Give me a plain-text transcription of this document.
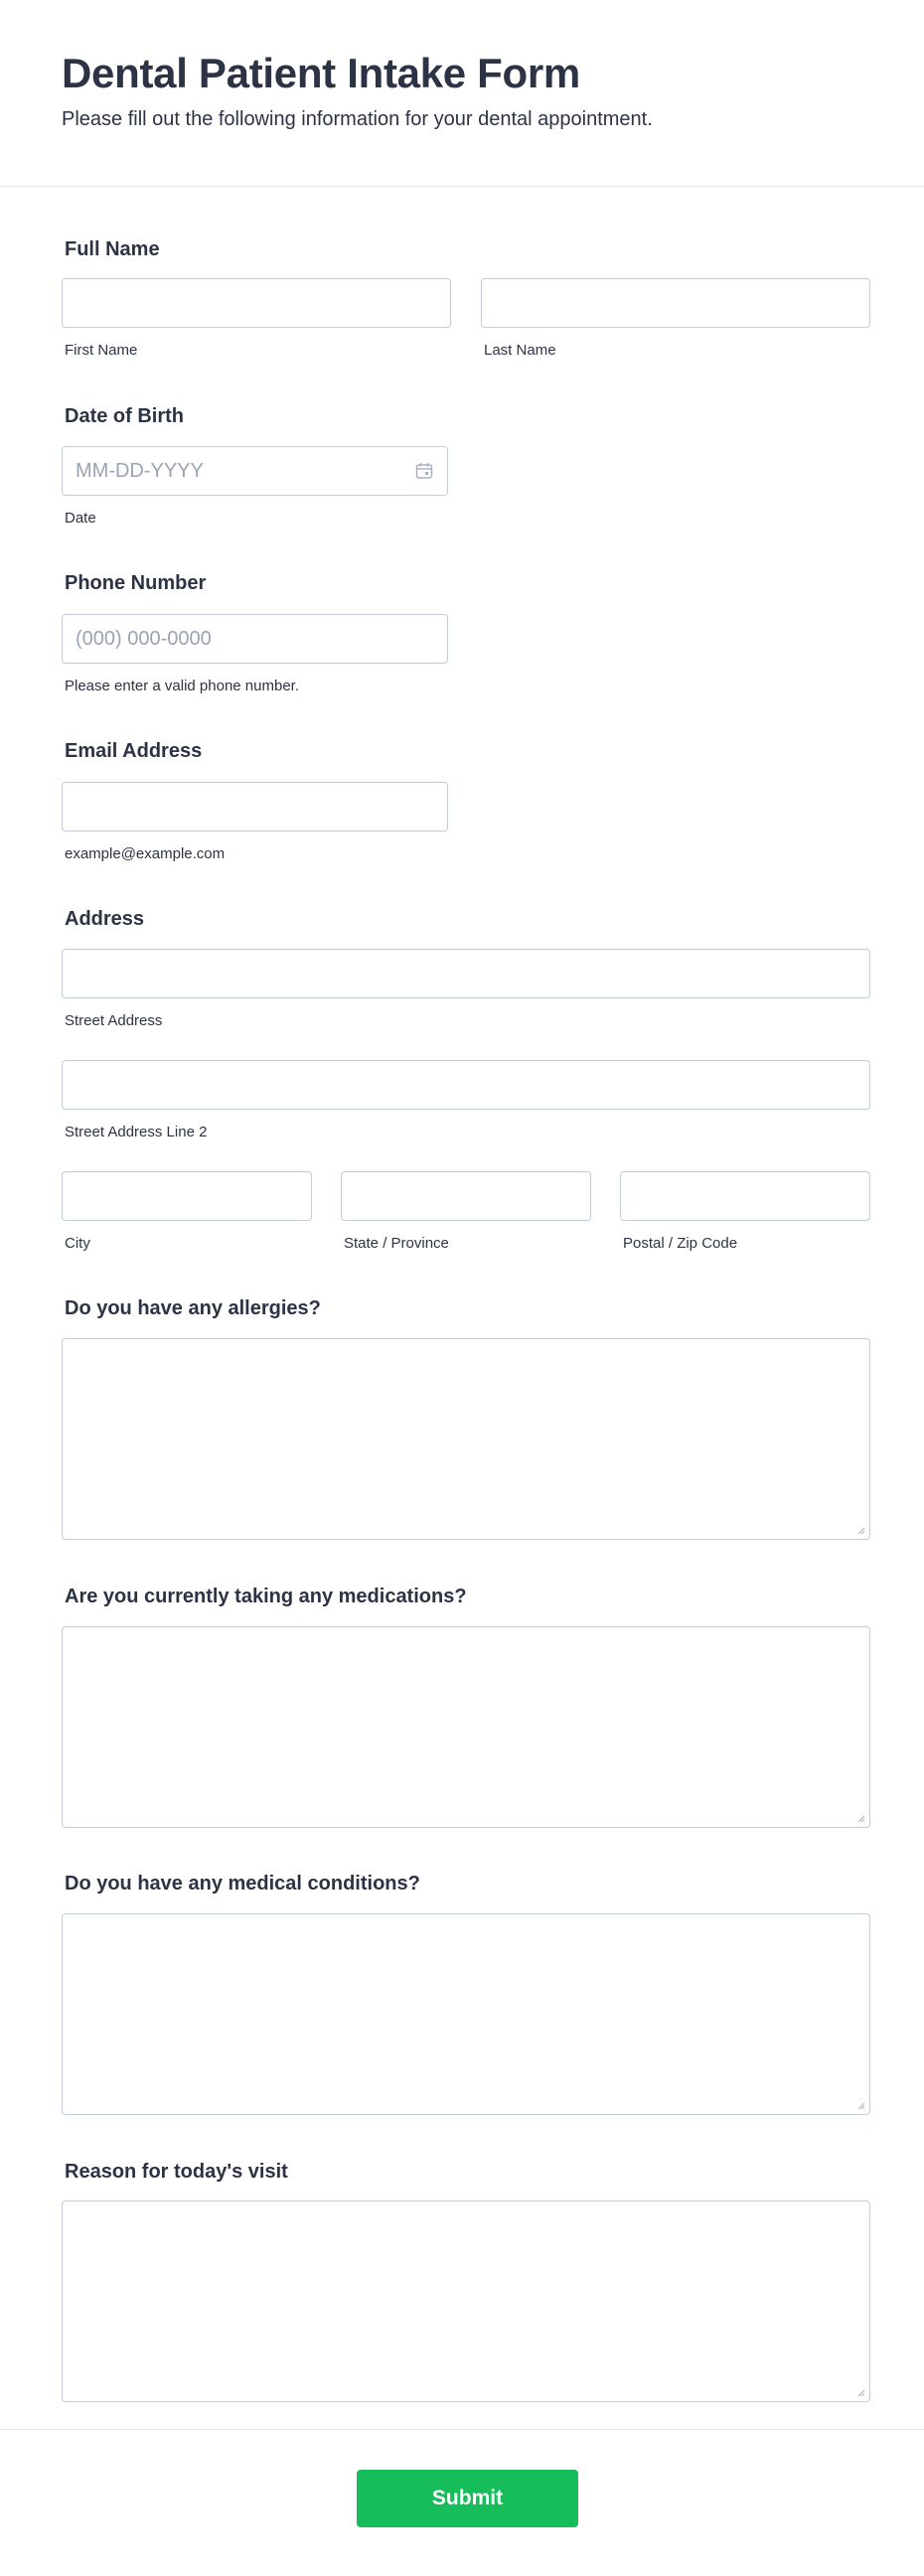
Dental Patient Intake Form
Please fill out the following information for your dental appointment.
Full Name
First Name	Last Name
Date of Birth
MM-DD-YYYY
Date
Phone Number
(000) 000-0000
Please enter a valid phone number.
Email Address
example@example.com
Address
Street Address
Street Address Line 2
City	State / Province	Postal / Zip Code
Do you have any allergies?
Are you currently taking any medications?
Do you have any medical conditions?
Reason for today's visit
Submit
